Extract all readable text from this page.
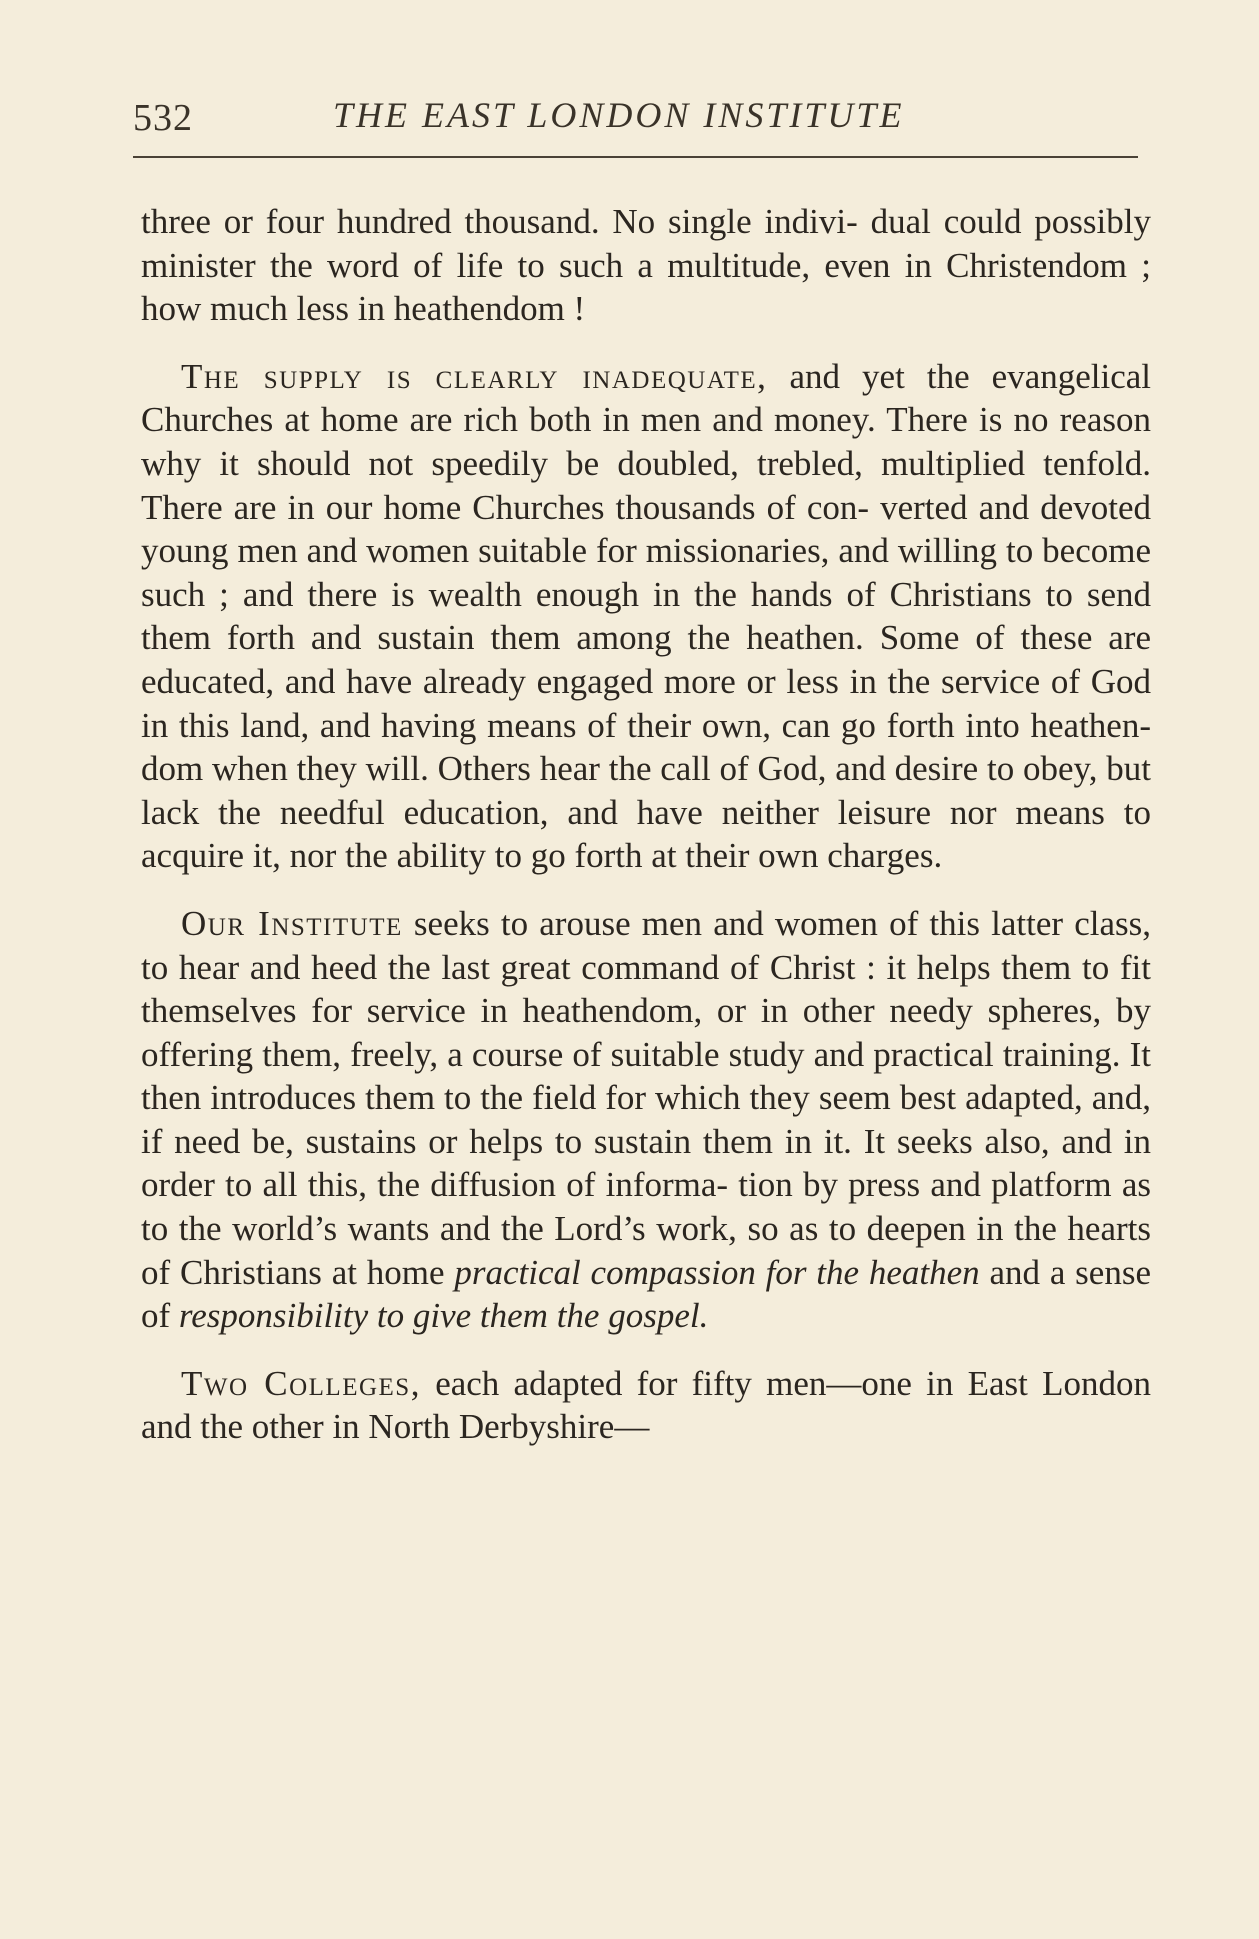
532	THE EAST LONDON INSTITUTE

three or four hundred thousand. No single indivi- dual could possibly minister the word of life to such a multitude, even in Christendom ; how much less in heathendom !

The supply is clearly inadequate, and yet the evangelical Churches at home are rich both in men and money. There is no reason why it should not speedily be doubled, trebled, multiplied tenfold. There are in our home Churches thousands of con- verted and devoted young men and women suitable for missionaries, and willing to become such ; and there is wealth enough in the hands of Christians to send them forth and sustain them among the heathen. Some of these are educated, and have already engaged more or less in the service of God in this land, and having means of their own, can go forth into heathen- dom when they will. Others hear the call of God, and desire to obey, but lack the needful education, and have neither leisure nor means to acquire it, nor the ability to go forth at their own charges.

Our Institute seeks to arouse men and women of this latter class, to hear and heed the last great command of Christ : it helps them to fit themselves for service in heathendom, or in other needy spheres, by offering them, freely, a course of suitable study and practical training. It then introduces them to the field for which they seem best adapted, and, if need be, sustains or helps to sustain them in it. It seeks also, and in order to all this, the diffusion of informa- tion by press and platform as to the world’s wants and the Lord’s work, so as to deepen in the hearts of Christians at home practical compassion for the heathen and a sense of responsibility to give them the gospel.

Two Colleges, each adapted for fifty men—one in East London and the other in North Derbyshire—
